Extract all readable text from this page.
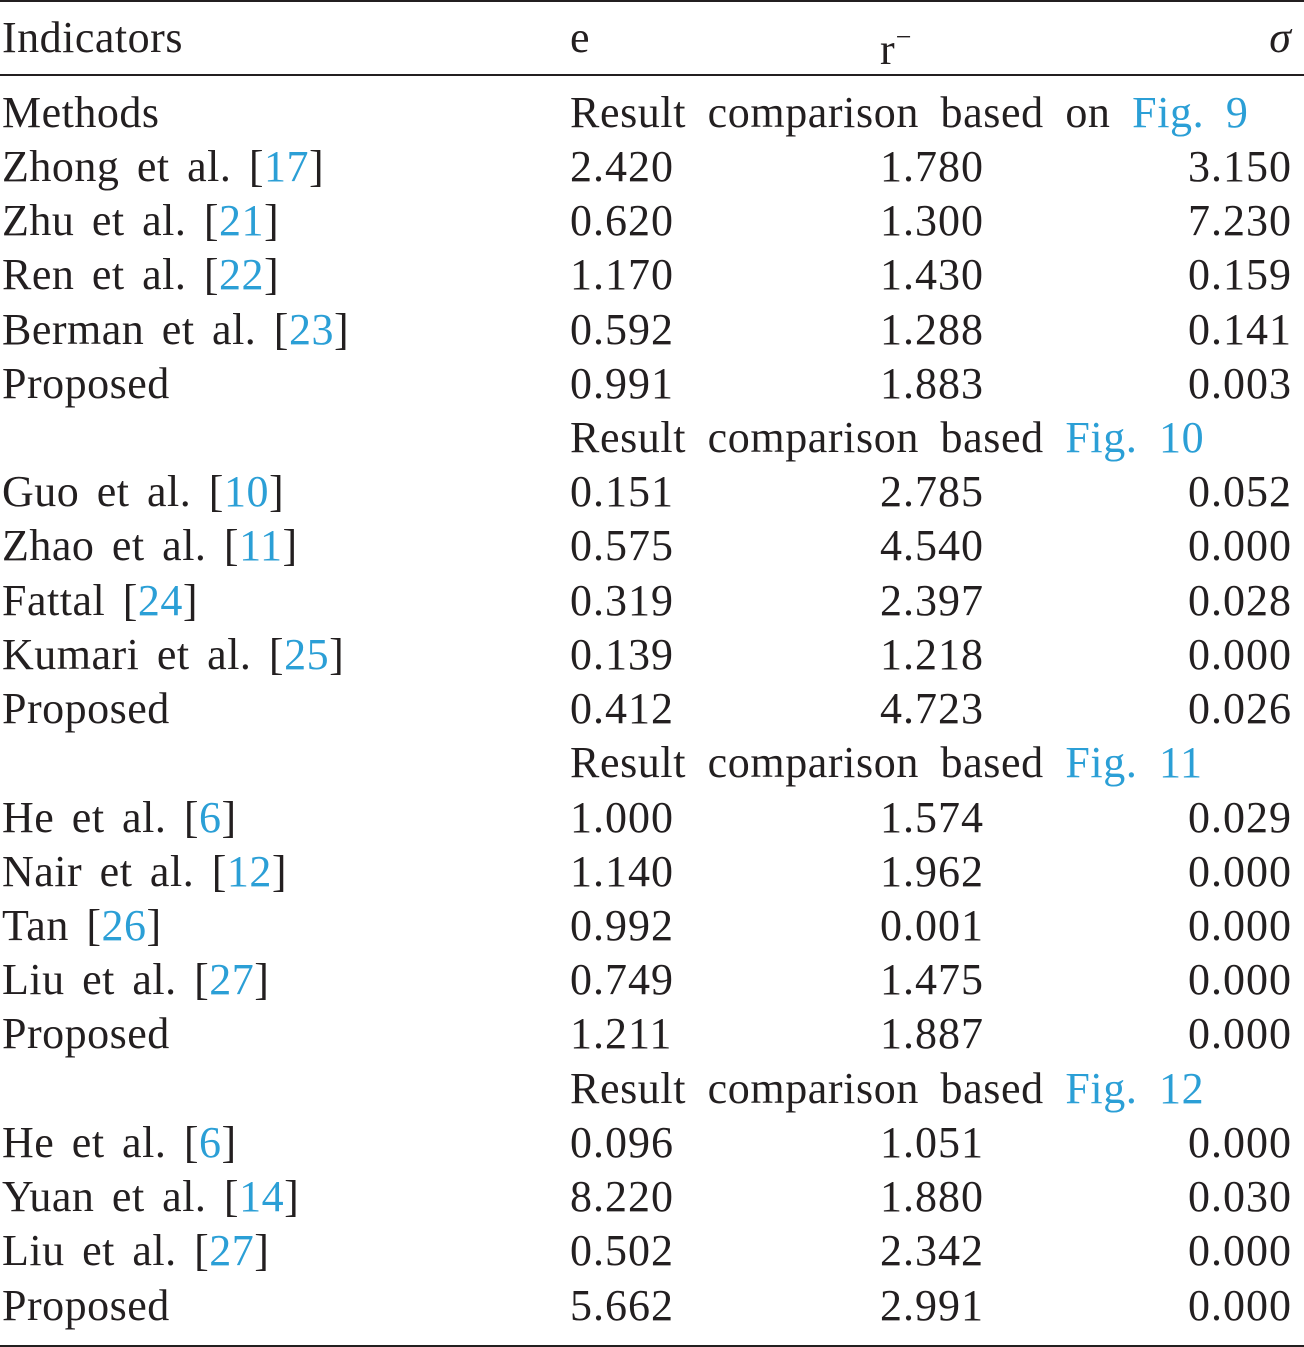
Indicators	e	r−	σ
Methods	Result comparison based on Fig. 9
Zhong et al. [17]	2.420	1.780	3.150
Zhu et al. [21]	0.620	1.300	7.230
Ren et al. [22]	1.170	1.430	0.159
Berman et al. [23]	0.592	1.288	0.141
Proposed	0.991	1.883	0.003
Result comparison based Fig. 10
Guo et al. [10]	0.151	2.785	0.052
Zhao et al. [11]	0.575	4.540	0.000
Fattal [24]	0.319	2.397	0.028
Kumari et al. [25]	0.139	1.218	0.000
Proposed	0.412	4.723	0.026
Result comparison based Fig. 11
He et al. [6]	1.000	1.574	0.029
Nair et al. [12]	1.140	1.962	0.000
Tan [26]	0.992	0.001	0.000
Liu et al. [27]	0.749	1.475	0.000
Proposed	1.211	1.887	0.000
Result comparison based Fig. 12
He et al. [6]	0.096	1.051	0.000
Yuan et al. [14]	8.220	1.880	0.030
Liu et al. [27]	0.502	2.342	0.000
Proposed	5.662	2.991	0.000
